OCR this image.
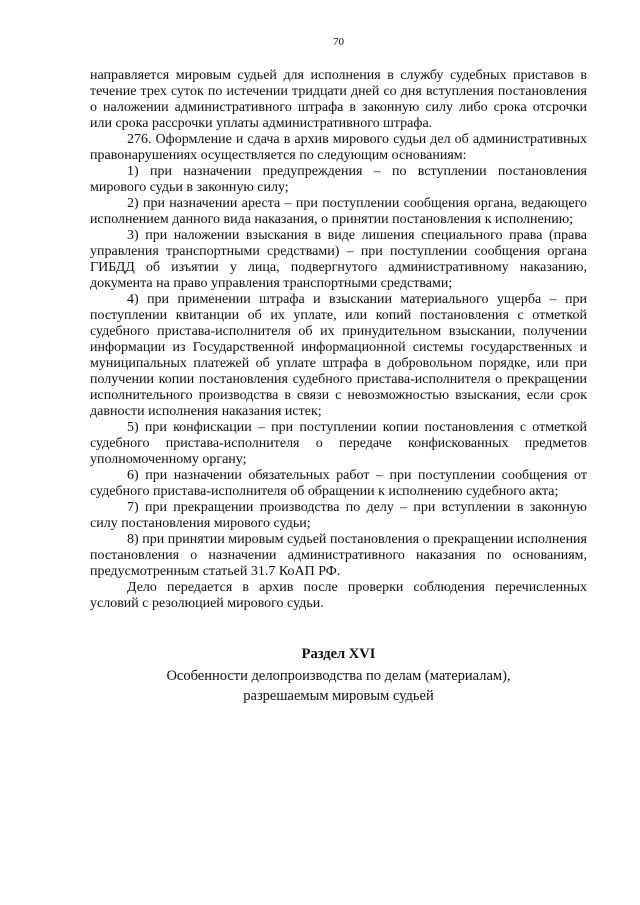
70

направляется мировым судьей для исполнения в службу судебных приставов в течение трех суток по истечении тридцати дней со дня вступления постановления о наложении административного штрафа в законную силу либо срока отсрочки или срока рассрочки уплаты административного штрафа.

276. Оформление и сдача в архив мирового судьи дел об административных правонарушениях осуществляется по следующим основаниям:

1) при назначении предупреждения – по вступлении постановления мирового судьи в законную силу;

2) при назначении ареста – при поступлении сообщения органа, ведающего исполнением данного вида наказания, о принятии постановления к исполнению;

3) при наложении взыскания в виде лишения специального права (права управления транспортными средствами) – при поступлении сообщения органа ГИБДД об изъятии у лица, подвергнутого административному наказанию, документа на право управления транспортными средствами;

4) при применении штрафа и взыскании материального ущерба – при поступлении квитанции об их уплате, или копий постановления с отметкой судебного пристава-исполнителя об их принудительном взыскании, получении информации из Государственной информационной системы государственных и муниципальных платежей об уплате штрафа в добровольном порядке, или при получении копии постановления судебного пристава-исполнителя о прекращении исполнительного производства в связи с невозможностью взыскания, если срок давности исполнения наказания истек;

5) при конфискации – при поступлении копии постановления с отметкой судебного пристава-исполнителя о передаче конфискованных предметов уполномоченному органу;

6) при назначении обязательных работ – при поступлении сообщения от судебного пристава-исполнителя об обращении к исполнению судебного акта;

7) при прекращении производства по делу – при вступлении в законную силу постановления мирового судьи;

8) при принятии мировым судьей постановления о прекращении исполнения постановления о назначении административного наказания по основаниям, предусмотренным статьей 31.7 КоАП РФ.

Дело передается в архив после проверки соблюдения перечисленных условий с резолюцией мирового судьи.

Раздел XVI
Особенности делопроизводства по делам (материалам),
разрешаемым мировым судьей
